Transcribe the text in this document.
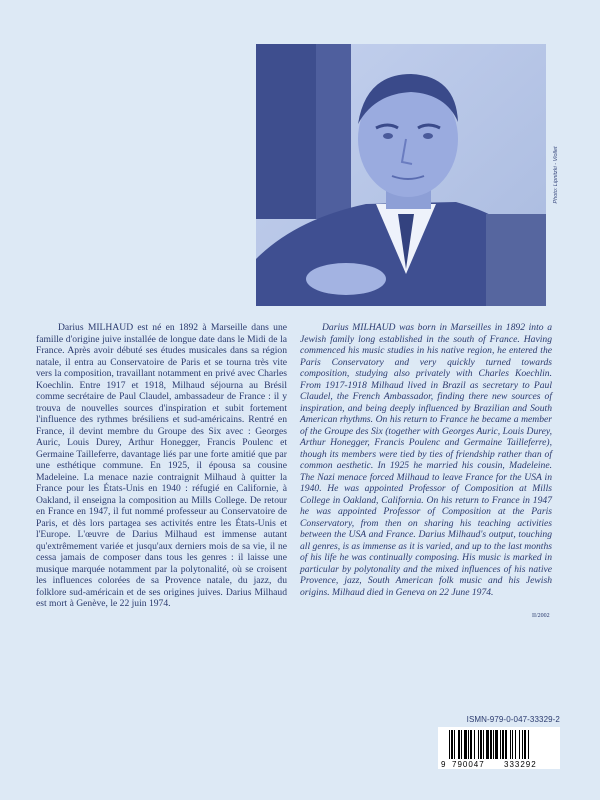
Photo: Lipnitzki - Viollet

Darius MILHAUD est né en 1892 à Marseille dans une famille d'origine juive installée de longue date dans le Midi de la France. Après avoir débuté ses études musicales dans sa région natale, il entra au Conservatoire de Paris et se tourna très vite vers la composition, travaillant notamment en privé avec Charles Koechlin. Entre 1917 et 1918, Milhaud séjourna au Brésil comme secrétaire de Paul Claudel, ambassadeur de France : il y trouva de nouvelles sources d'inspiration et subit fortement l'influence des rythmes brésiliens et sud-américains. Rentré en France, il devint membre du Groupe des Six avec : Georges Auric, Louis Durey, Arthur Honegger, Francis Poulenc et Germaine Tailleferre, davantage liés par une forte amitié que par une esthétique commune. En 1925, il épousa sa cousine Madeleine. La menace nazie contraignit Milhaud à quitter la France pour les États-Unis en 1940 : réfugié en Californie, à Oakland, il enseigna la composition au Mills College. De retour en France en 1947, il fut nommé professeur au Conservatoire de Paris, et dès lors partagea ses activités entre les États-Unis et l'Europe. L'œuvre de Darius Milhaud est immense autant qu'extrêmement variée et jusqu'aux derniers mois de sa vie, il ne cessa jamais de composer dans tous les genres : il laisse une musique marquée notamment par la polytonalité, où se croisent les influences colorées de sa Provence natale, du jazz, du folklore sud-américain et de ses origines juives. Darius Milhaud est mort à Genève, le 22 juin 1974.

Darius MILHAUD was born in Marseilles in 1892 into a Jewish family long established in the south of France. Having commenced his music studies in his native region, he entered the Paris Conservatory and very quickly turned towards composition, studying also privately with Charles Koechlin. From 1917-1918 Milhaud lived in Brazil as secretary to Paul Claudel, the French Ambassador, finding there new sources of inspiration, and being deeply influenced by Brazilian and South American rhythms. On his return to France he became a member of the Groupe des Six (together with Georges Auric, Louis Durey, Arthur Honegger, Francis Poulenc and Germaine Tailleferre), though its members were tied by ties of friendship rather than of common aesthetic. In 1925 he married his cousin, Madeleine. The Nazi menace forced Milhaud to leave France for the USA in 1940. He was appointed Professor of Composition at Mills College in Oakland, California. On his return to France in 1947 he was appointed Professor of Composition at the Paris Conservatory, from then on sharing his teaching activities between the USA and France. Darius Milhaud's output, touching all genres, is as immense as it is varied, and up to the last months of his life he was continually composing. His music is marked in particular by polytonality and the mixed influences of his native Provence, jazz, South American folk music and his Jewish origins. Milhaud died in Geneva on 22 June 1974.

II/2002
ISMN-979-0-047-33329-2
9 790047 333292
